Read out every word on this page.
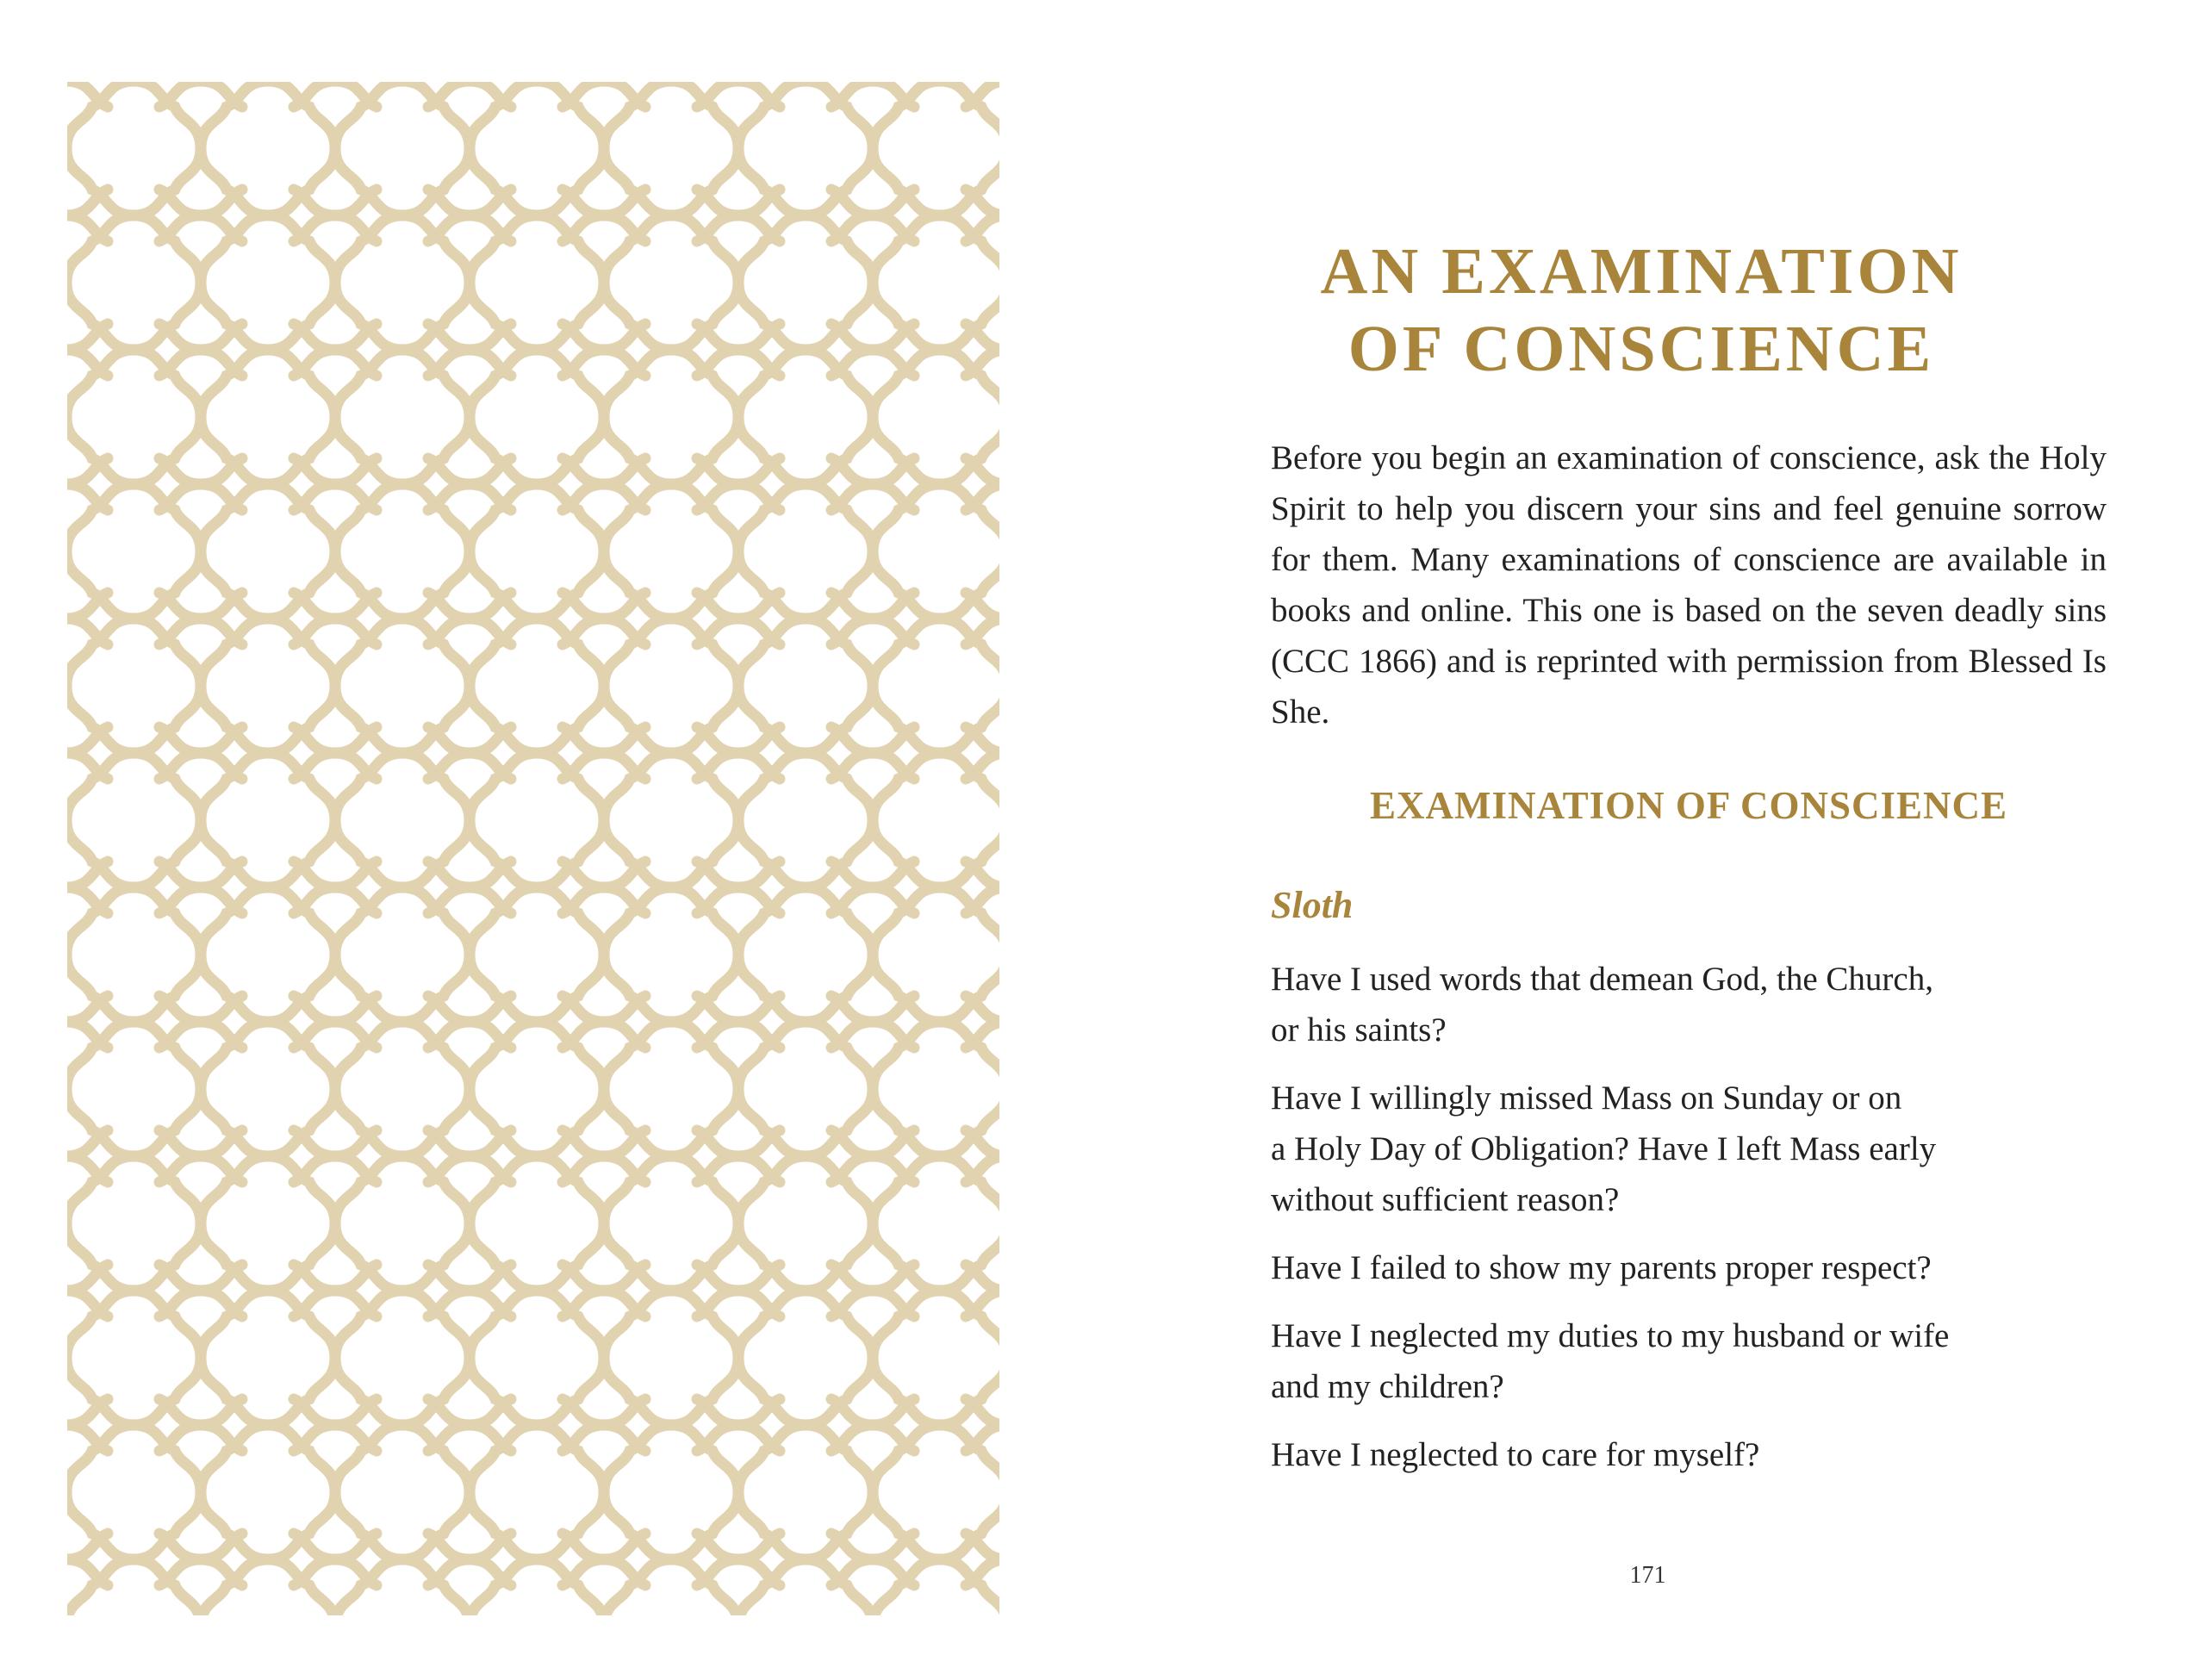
AN EXAMINATION
OF CONSCIENCE

Before you begin an examination of conscience, ask the Holy Spirit to help you discern your sins and feel genuine sorrow for them. Many examinations of conscience are available in books and online. This one is based on the seven deadly sins (CCC 1866) and is reprinted with permission from Blessed Is She.

EXAMINATION OF CONSCIENCE
Sloth
Have I used words that demean God, the Church,
or his saints?
Have I willingly missed Mass on Sunday or on
a Holy Day of Obligation? Have I left Mass early
without sufficient reason?
Have I failed to show my parents proper respect?
Have I neglected my duties to my husband or wife
and my children?
Have I neglected to care for myself?
171
